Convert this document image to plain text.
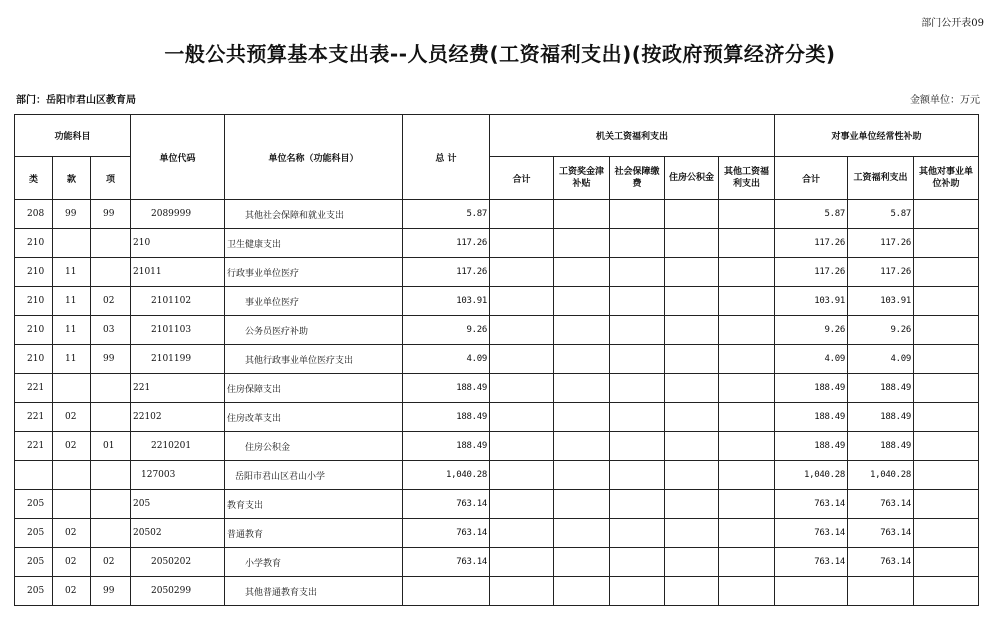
部门公开表09
一般公共预算基本支出表--人员经费(工资福利支出)(按政府预算经济分类)
部门：岳阳市君山区教育局	金额单位：万元
功能科目			单位代码	单位名称（功能科目）	总 计	机关工资福利支出					对事业单位经常性补助		
类	款	项				合计	工资奖金津补贴	社会保障缴费	住房公积金	其他工资福利支出	合计	工资福利支出	其他对事业单位补助
208	99	99	2089999	其他社会保障和就业支出	5.87						5.87	5.87	
210			210	卫生健康支出	117.26						117.26	117.26	
210	11		21011	行政事业单位医疗	117.26						117.26	117.26	
210	11	02	2101102	事业单位医疗	103.91						103.91	103.91	
210	11	03	2101103	公务员医疗补助	9.26						9.26	9.26	
210	11	99	2101199	其他行政事业单位医疗支出	4.09						4.09	4.09	
221			221	住房保障支出	188.49						188.49	188.49	
221	02		22102	住房改革支出	188.49						188.49	188.49	
221	02	01	2210201	住房公积金	188.49						188.49	188.49	
			127003	岳阳市君山区君山小学	1,040.28						1,040.28	1,040.28	
205			205	教育支出	763.14						763.14	763.14	
205	02		20502	普通教育	763.14						763.14	763.14	
205	02	02	2050202	小学教育	763.14						763.14	763.14	
205	02	99	2050299	其他普通教育支出									
